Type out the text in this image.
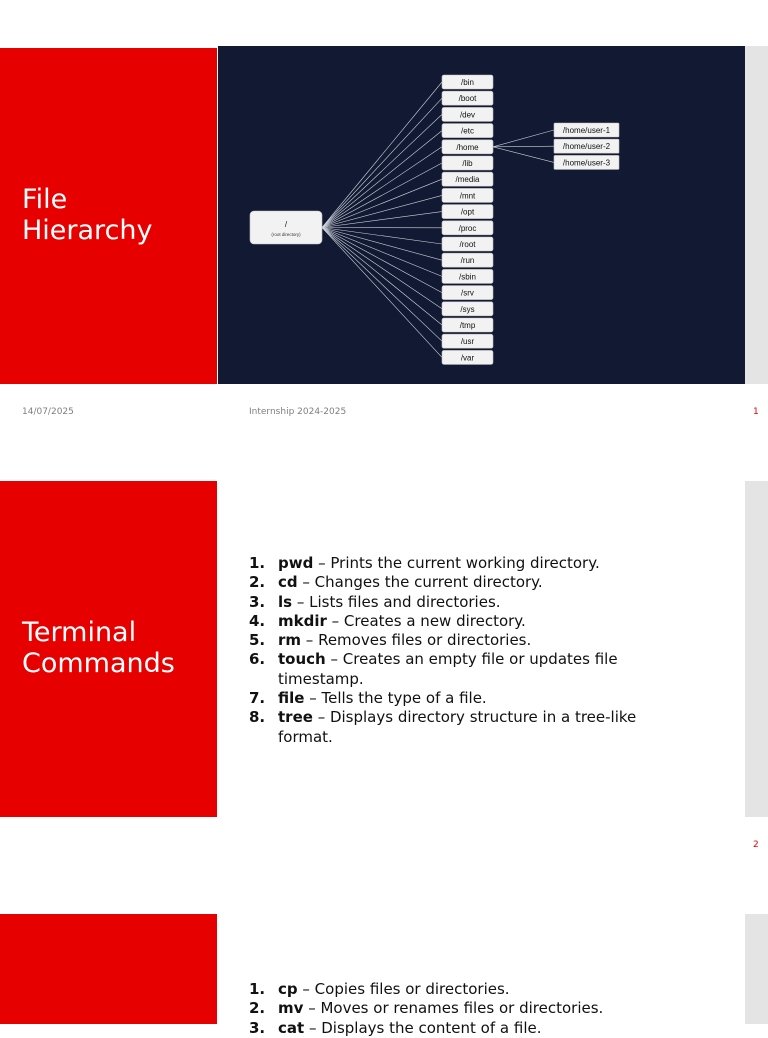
File
Hierarchy
/bin
/boot
/dev
/etc
/home
/lib
/media
/mnt
/opt
/proc
/root
/run
/sbin
/srv
/sys
/tmp
/usr
/var
/home/user-1
/home/user-2
/home/user-3
/
(root directory)
14/07/2025	Internship 2024-2025	1
Terminal
Commands
1. pwd – Prints the current working directory.
2. cd – Changes the current directory.
3. ls – Lists files and directories.
4. mkdir – Creates a new directory.
5. rm – Removes files or directories.
6. touch – Creates an empty file or updates file timestamp.
7. file – Tells the type of a file.
8. tree – Displays directory structure in a tree-like format.
2
1. cp – Copies files or directories.
2. mv – Moves or renames files or directories.
3. cat – Displays the content of a file.
